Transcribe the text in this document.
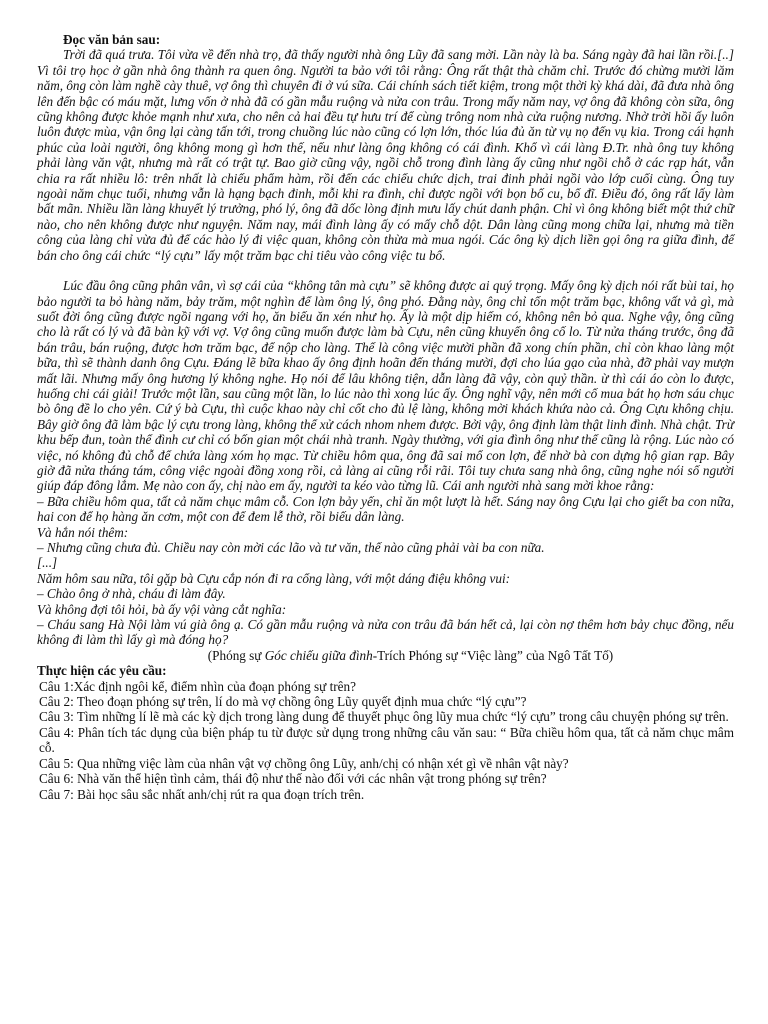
Đọc văn bản sau:

Trời đã quá trưa. Tôi vừa về đến nhà trọ, đã thấy người nhà ông Lũy đã sang mời. Lần này là ba. Sáng ngày đã hai lần rồi.[..] Vì tôi trọ học ở gần nhà ông thành ra quen ông. Người ta bảo với tôi rằng: Ông rất thật thà chăm chỉ. Trước đó chừng mười lăm năm, ông còn làm nghề cày thuê, vợ ông thì chuyên đi ở vú sữa. Cái chính sách tiết kiệm, trong một thời kỳ khá dài, đã đưa nhà ông lên đến bậc có máu mặt, lưng vốn ở nhà đã có gần mẫu ruộng và nửa con trâu. Trong mấy năm nay, vợ ông đã không còn sữa, ông cũng không được khỏe mạnh như xưa, cho nên cả hai đều tự hưu trí để cùng trông nom nhà cửa ruộng nương. Nhờ trời hồi ấy luôn luôn được mùa, vận ông lại càng tấn tới, trong chuồng lúc nào cũng có lợn lớn, thóc lúa đủ ăn từ vụ nọ đến vụ kia. Trong cái hạnh phúc của loài người, ông không mong gì hơn thế, nếu như làng ông không có cái đình. Khổ vì cái làng Đ.Tr. nhà ông tuy không phải làng văn vật, nhưng mà rất có trật tự. Bao giờ cũng vậy, ngồi chỗ trong đình làng ấy cũng như ngồi chỗ ở các rạp hát, vẫn chia ra rất nhiều lô: trên nhất là chiếu phẩm hàm, rồi đến các chiếu chức dịch, trai đinh phải ngồi vào lớp cuối cùng. Ông tuy ngoài năm chục tuổi, nhưng vẫn là hạng bạch đinh, mỗi khi ra đình, chỉ được ngồi với bọn bố cu, bố đĩ. Điều đó, ông rất lấy làm bất mãn. Nhiều lần làng khuyết lý trưởng, phó lý, ông đã dốc lòng định mưu lấy chút danh phận. Chỉ vì ông không biết một thứ chữ nào, cho nên không được như nguyện. Năm nay, mái đình làng ấy có mấy chỗ dột. Dân làng cũng mong chữa lại, nhưng mà tiền công của làng chỉ vừa đủ để các hào lý đi việc quan, không còn thừa mà mua ngói. Các ông kỳ dịch liền gọi ông ra giữa đình, để bán cho ông cái chức “lý cựu” lấy một trăm bạc chi tiêu vào công việc tu bổ.

Lúc đầu ông cũng phân vân, vì sợ cái của “không tân mà cựu” sẽ không được ai quý trọng. Mấy ông kỳ dịch nói rất bùi tai, họ bảo người ta bỏ hàng năm, bảy trăm, một nghìn để làm ông lý, ông phó. Đằng này, ông chỉ tốn một trăm bạc, không vất vả gì, mà suốt đời ông cũng được ngồi ngang với họ, ăn biếu ăn xén như họ. Ấy là một dịp hiếm có, không nên bỏ qua. Nghe vậy, ông cũng cho là rất có lý và đã bàn kỹ với vợ. Vợ ông cũng muốn được làm bà Cựu, nên cũng khuyến ông cố lo. Từ nửa tháng trước, ông đã bán trâu, bán ruộng, được hơn trăm bạc, để nộp cho làng. Thế là công việc mười phần đã xong chín phần, chỉ còn khao làng một bữa, thì sẽ thành danh ông Cựu. Đáng lẽ bữa khao ấy ông định hoãn đến tháng mười, đợi cho lúa gạo của nhà, đỡ phải vay mượn mất lãi. Nhưng mấy ông hương lý không nghe. Họ nói để lâu không tiện, dẫn làng đã vậy, còn quỷ thần. ừ thì cái áo còn lo được, huống chi cái giải! Trước một lần, sau cũng một lần, lo lúc nào thì xong lúc ấy. Ông nghĩ vậy, nên mới cố mua bát họ hơn sáu chục bò ông đề lo cho yên. Cứ ý bà Cựu, thì cuộc khao này chỉ cốt cho đủ lệ làng, không mời khách khứa nào cả. Ông Cựu không chịu. Bây giờ ông đã làm bậc lý cựu trong làng, không thể xử cách nhom nhem được. Bởi vậy, ông định làm thật linh đình. Nhà chật. Trừ khu bếp đun, toàn thể đình cư chỉ có bốn gian một chái nhà tranh. Ngày thường, với gia đình ông như thế cũng là rộng. Lúc nào có việc, nó không đủ chỗ để chứa làng xóm họ mạc. Từ chiều hôm qua, ông đã sai mổ con lợn, để nhờ bà con dựng hộ gian rạp. Bây giờ đã nửa tháng tám, công việc ngoài đồng xong rồi, cả làng ai cũng rỗi rãi. Tôi tuy chưa sang nhà ông, cũng nghe nói số người giúp đáp đông lắm. Mẹ nào con ấy, chị nào em ấy, người ta kéo vào từng lũ. Cái anh người nhà sang mời khoe rằng:

– Bữa chiều hôm qua, tất cả năm chục mâm cỗ. Con lợn bảy yến, chỉ ăn một lượt là hết. Sáng nay ông Cựu lại cho giết ba con nữa, hai con để họ hàng ăn cơm, một con để đem lễ thờ, rồi biếu dân làng.

Và hắn nói thêm:

– Nhưng cũng chưa đủ. Chiều nay còn mời các lão và tư văn, thế nào cũng phải vài ba con nữa.

[...]

Năm hôm sau nữa, tôi gặp bà Cựu cắp nón đi ra cổng làng, với một dáng điệu không vui:

– Chào ông ở nhà, cháu đi làm đây.

Và không đợi tôi hỏi, bà ấy vội vàng cắt nghĩa:

– Cháu sang Hà Nội làm vú già ông ạ. Có gần mẫu ruộng và nửa con trâu đã bán hết cả, lại còn nợ thêm hơn bảy chục đồng, nếu không đi làm thì lấy gì mà đóng họ?

(Phóng sự Góc chiếu giữa đình-Trích Phóng sự “Việc làng” của Ngô Tất Tố)

Thực hiện các yêu cầu:

Câu 1:Xác định ngôi kể, điểm nhìn của đoạn phóng sự trên?

Câu 2: Theo đoạn phóng sự trên, lí do mà vợ chồng ông Lũy quyết định mua chức “lý cựu”?

Câu 3: Tìm những lí lẽ mà các kỳ dịch trong làng dung để thuyết phục ông lũy mua chức “lý cựu” trong câu chuyện phóng sự trên.

Câu 4: Phân tích tác dụng của biện pháp tu từ được sử dụng trong những câu văn sau: “ Bữa chiều hôm qua, tất cả năm chục mâm cỗ.

Câu 5: Qua những việc làm của nhân vật vợ chồng ông Lũy, anh/chị có nhận xét gì về nhân vật này?

Câu 6: Nhà văn thể hiện tình cảm, thái độ như thế nào đối với các nhân vật trong phóng sự trên?

Câu 7: Bài học sâu sắc nhất anh/chị rút ra qua đoạn trích trên.
